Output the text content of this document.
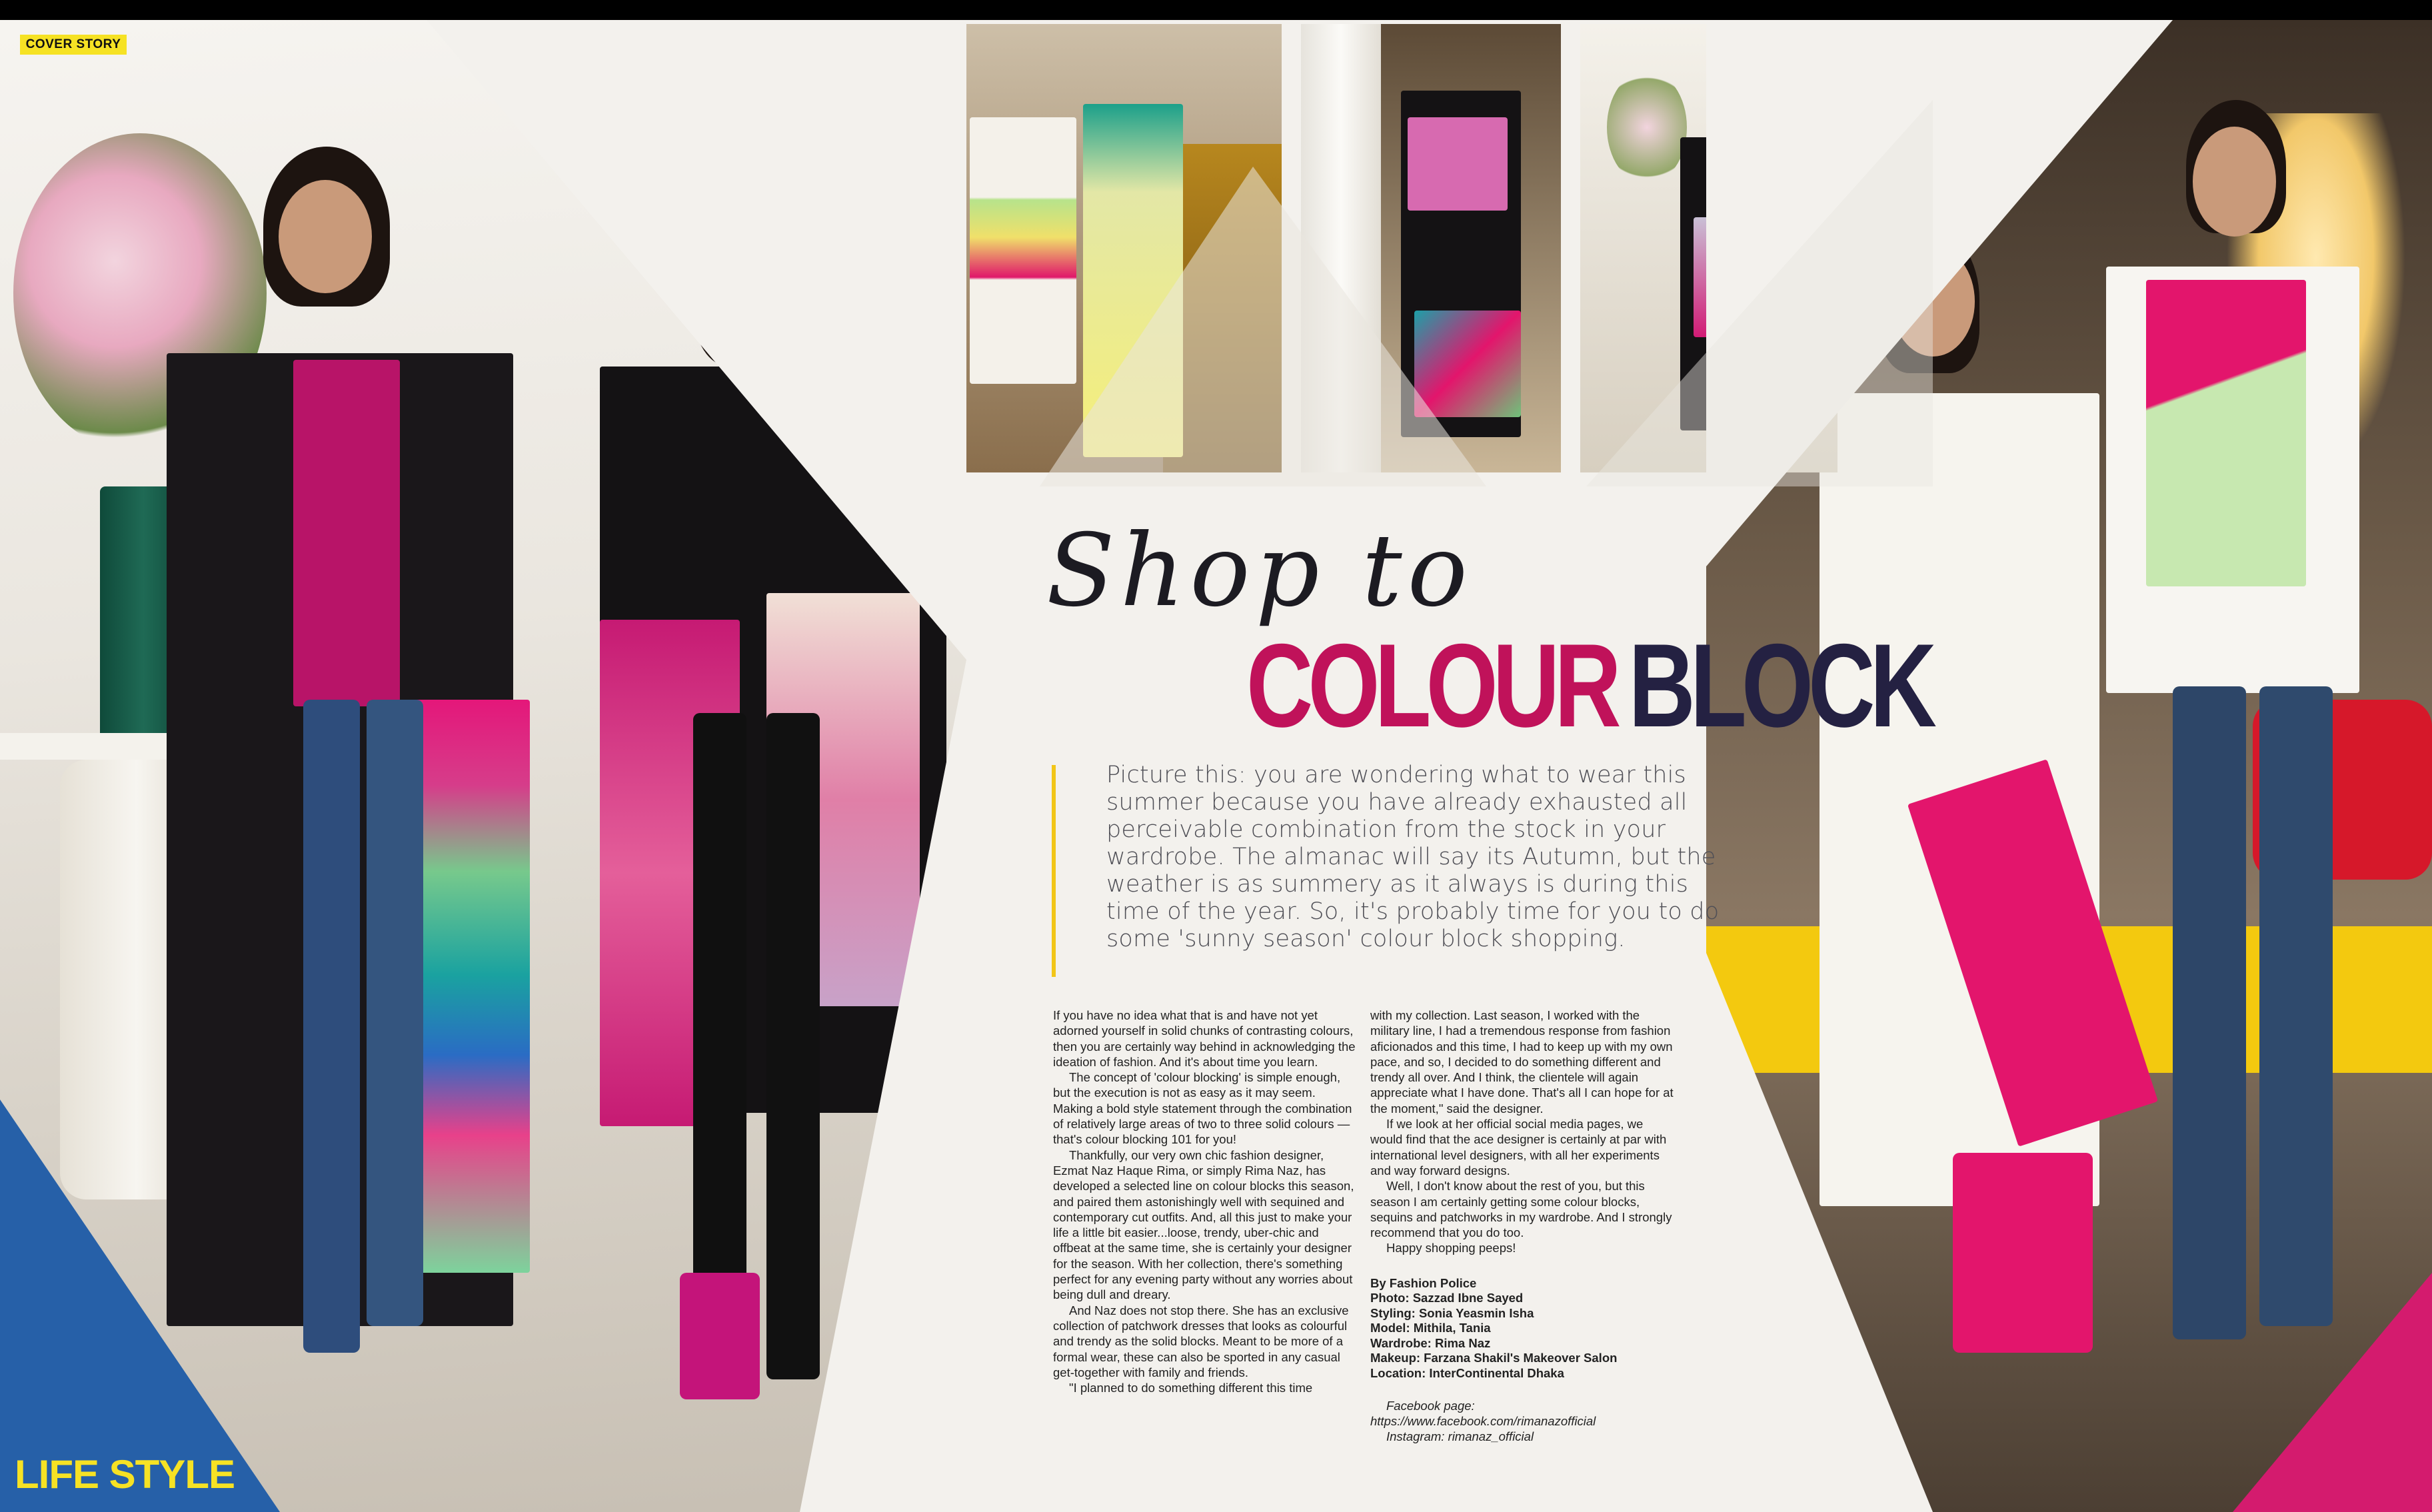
COVER STORY
LIFE STYLE
Shop to
COLOUR BLOCK
Picture this: you are wondering what to wear this summer because you have already exhausted all perceivable combination from the stock in your wardrobe. The almanac will say its Autumn, but the weather is as summery as it always is during this time of the year. So, it's probably time for you to do some 'sunny season' colour block shopping.

If you have no idea what that is and have not yet adorned yourself in solid chunks of contrasting colours, then you are certainly way behind in acknowledging the ideation of fashion. And it's about time you learn.

The concept of 'colour blocking' is simple enough, but the execution is not as easy as it may seem. Making a bold style statement through the combination of relatively large areas of two to three solid colours — that's colour blocking 101 for you!

Thankfully, our very own chic fashion designer, Ezmat Naz Haque Rima, or simply Rima Naz, has developed a selected line on colour blocks this season, and paired them astonishingly well with sequined and contemporary cut outfits. And, all this just to make your life a little bit easier...loose, trendy, uber-chic and offbeat at the same time, she is certainly your designer for the season. With her collection, there's something perfect for any evening party without any worries about being dull and dreary.

And Naz does not stop there. She has an exclusive collection of patchwork dresses that looks as colourful and trendy as the solid blocks. Meant to be more of a formal wear, these can also be sported in any casual get-together with family and friends.

"I planned to do something different this time

with my collection. Last season, I worked with the military line, I had a tremendous response from fashion aficionados and this time, I had to keep up with my own pace, and so, I decided to do something different and trendy all over. And I think, the clientele will again appreciate what I have done. That's all I can hope for at the moment," said the designer.

If we look at her official social media pages, we would find that the ace designer is certainly at par with international level designers, with all her experiments and way forward designs.

Well, I don't know about the rest of you, but this season I am certainly getting some colour blocks, sequins and patchworks in my wardrobe. And I strongly recommend that you do too.

Happy shopping peeps!

By Fashion Police
Photo: Sazzad Ibne Sayed
Styling: Sonia Yeasmin Isha
Model: Mithila, Tania
Wardrobe: Rima Naz
Makeup: Farzana Shakil's Makeover Salon
Location: InterContinental Dhaka
Facebook page: https://www.facebook.com/rimanazofficial
Instagram: rimanaz_official
